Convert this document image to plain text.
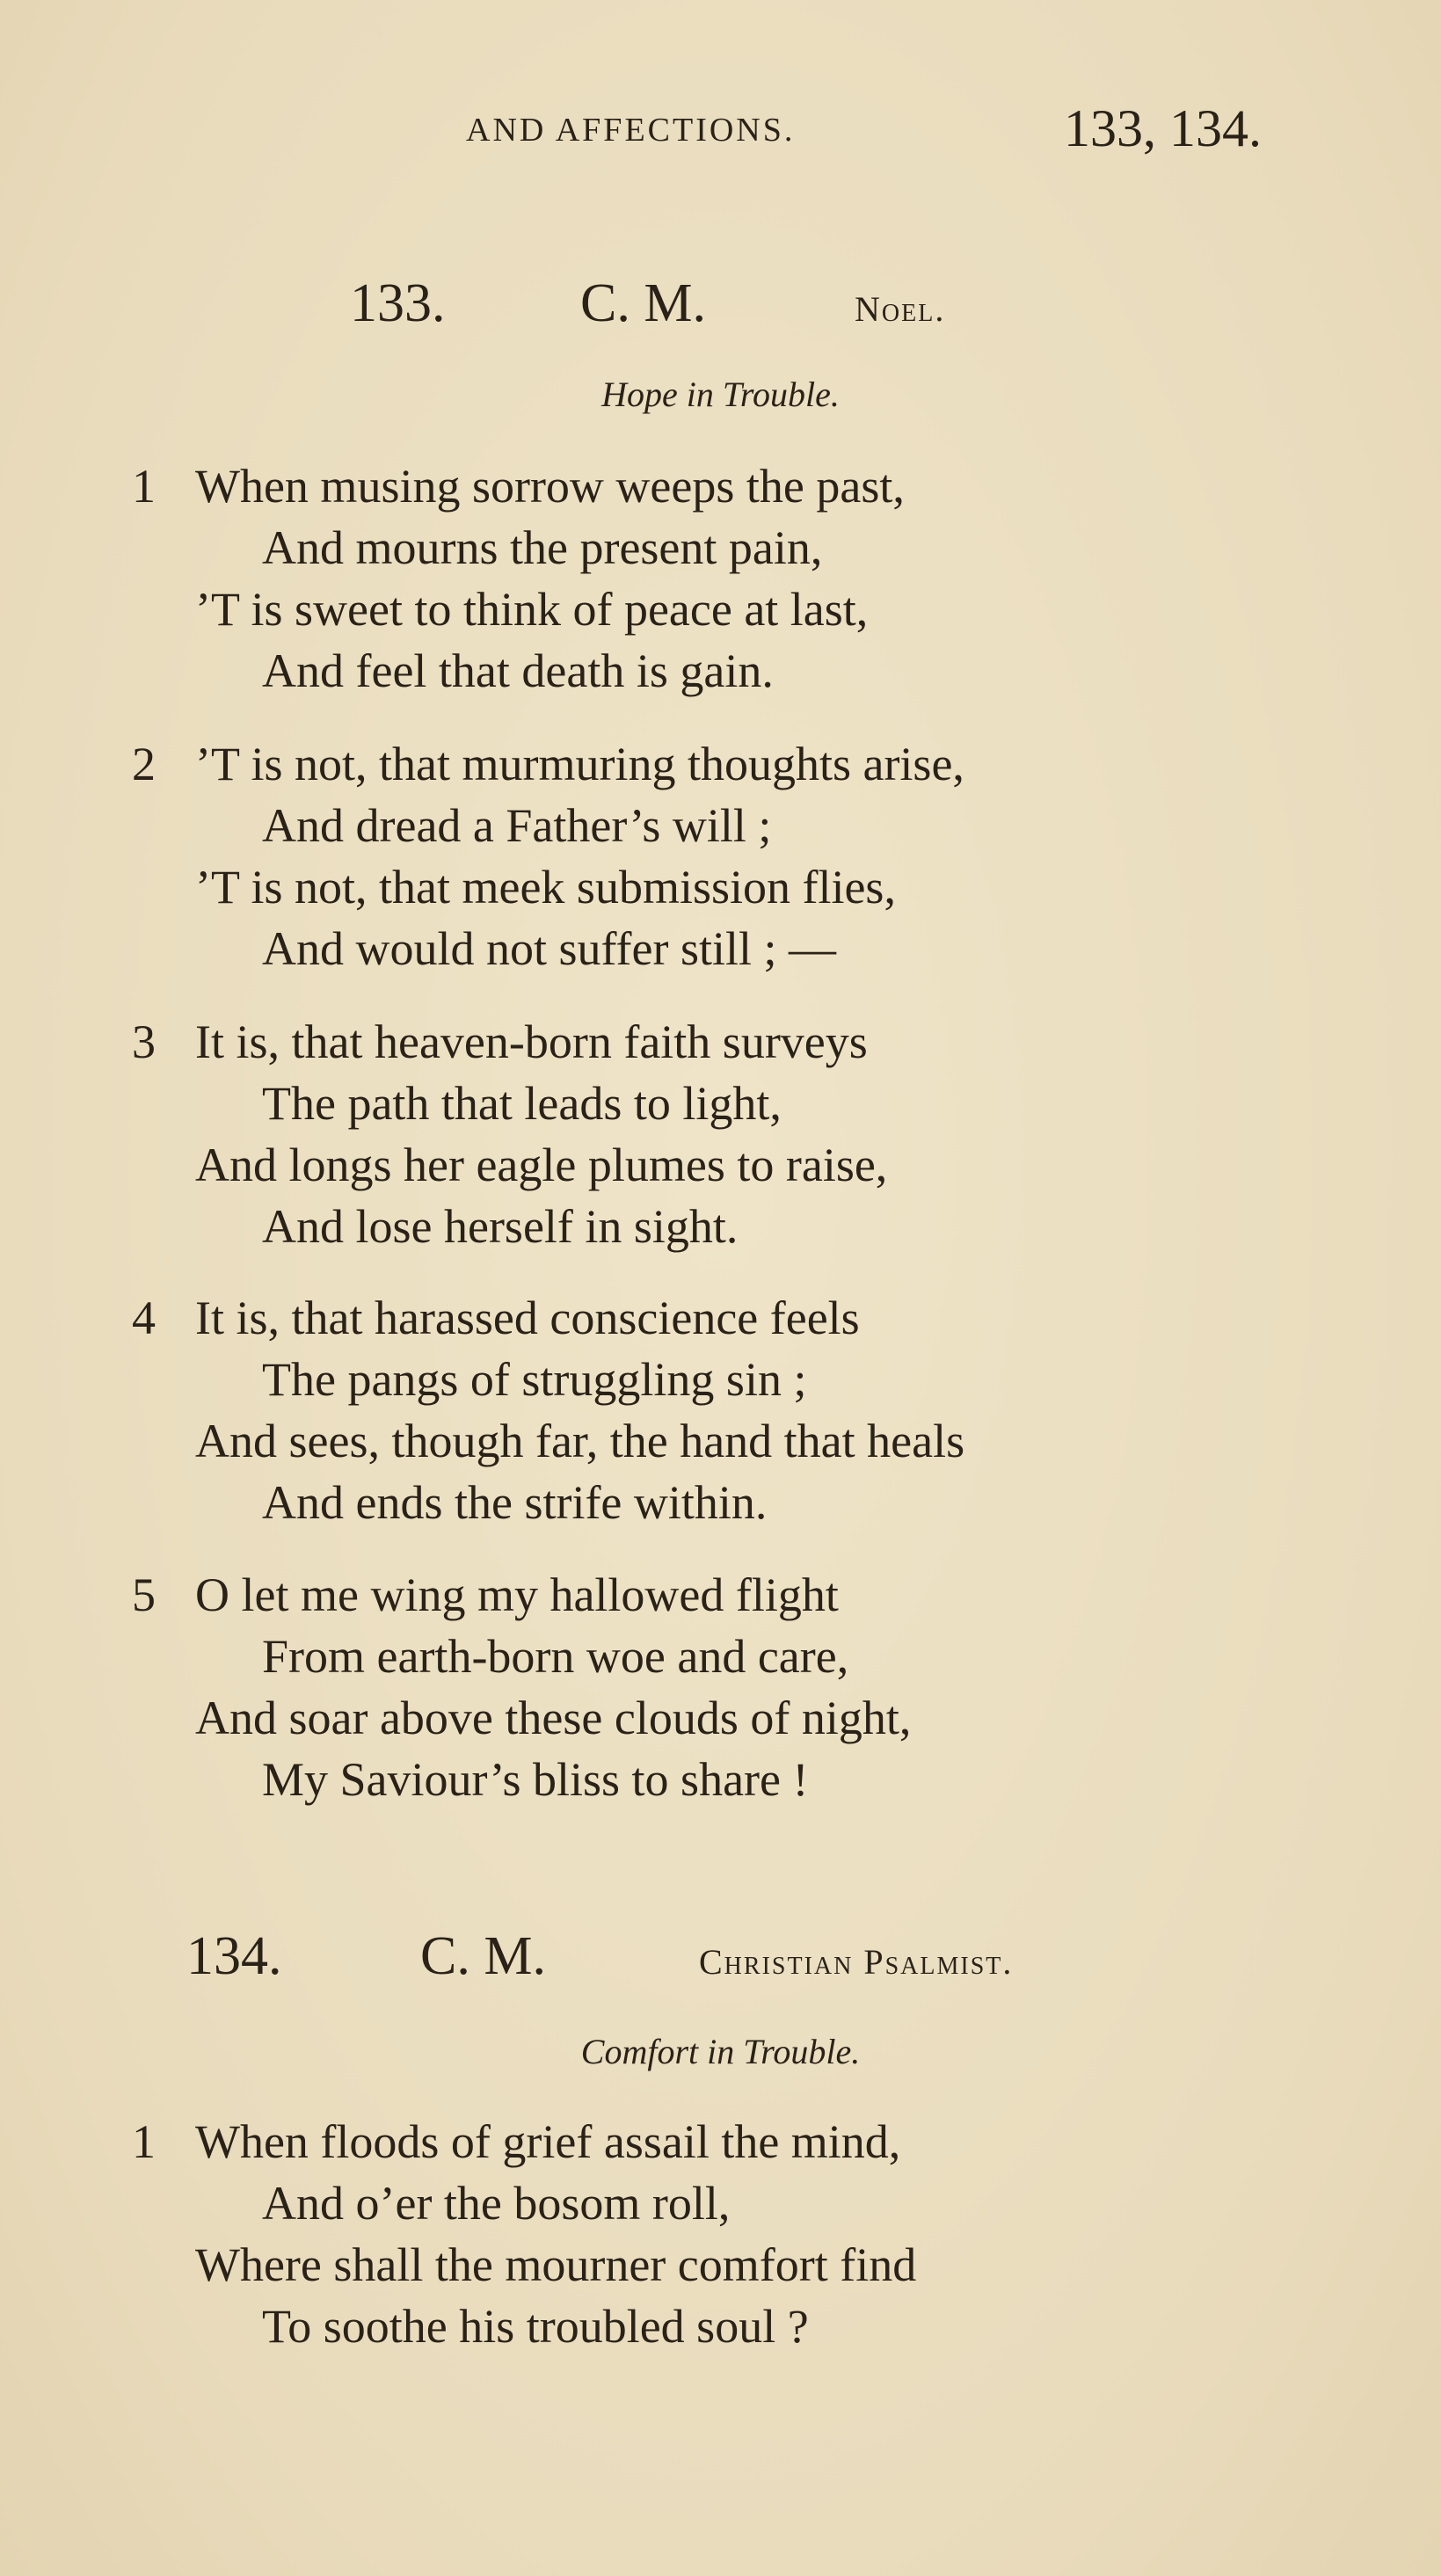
AND AFFECTIONS.	133, 134.
133. C. M.	Noel.
Hope in Trouble.
1 When musing sorrow weeps the past,
And mourns the present pain,
’T is sweet to think of peace at last,
And feel that death is gain.
2 ’T is not, that murmuring thoughts arise,
And dread a Father’s will ;
’T is not, that meek submission flies,
And would not suffer still ; —
3 It is, that heaven-born faith surveys
The path that leads to light,
And longs her eagle plumes to raise,
And lose herself in sight.
4 It is, that harassed conscience feels
The pangs of struggling sin ;
And sees, though far, the hand that heals
And ends the strife within.
5 O let me wing my hallowed flight
From earth-born woe and care,
And soar above these clouds of night,
My Saviour’s bliss to share !
134.	C. M.	Christian Psalmist.
Comfort in Trouble.
1 When floods of grief assail the mind,
And o’er the bosom roll,
Where shall the mourner comfort find
To soothe his troubled soul ?
